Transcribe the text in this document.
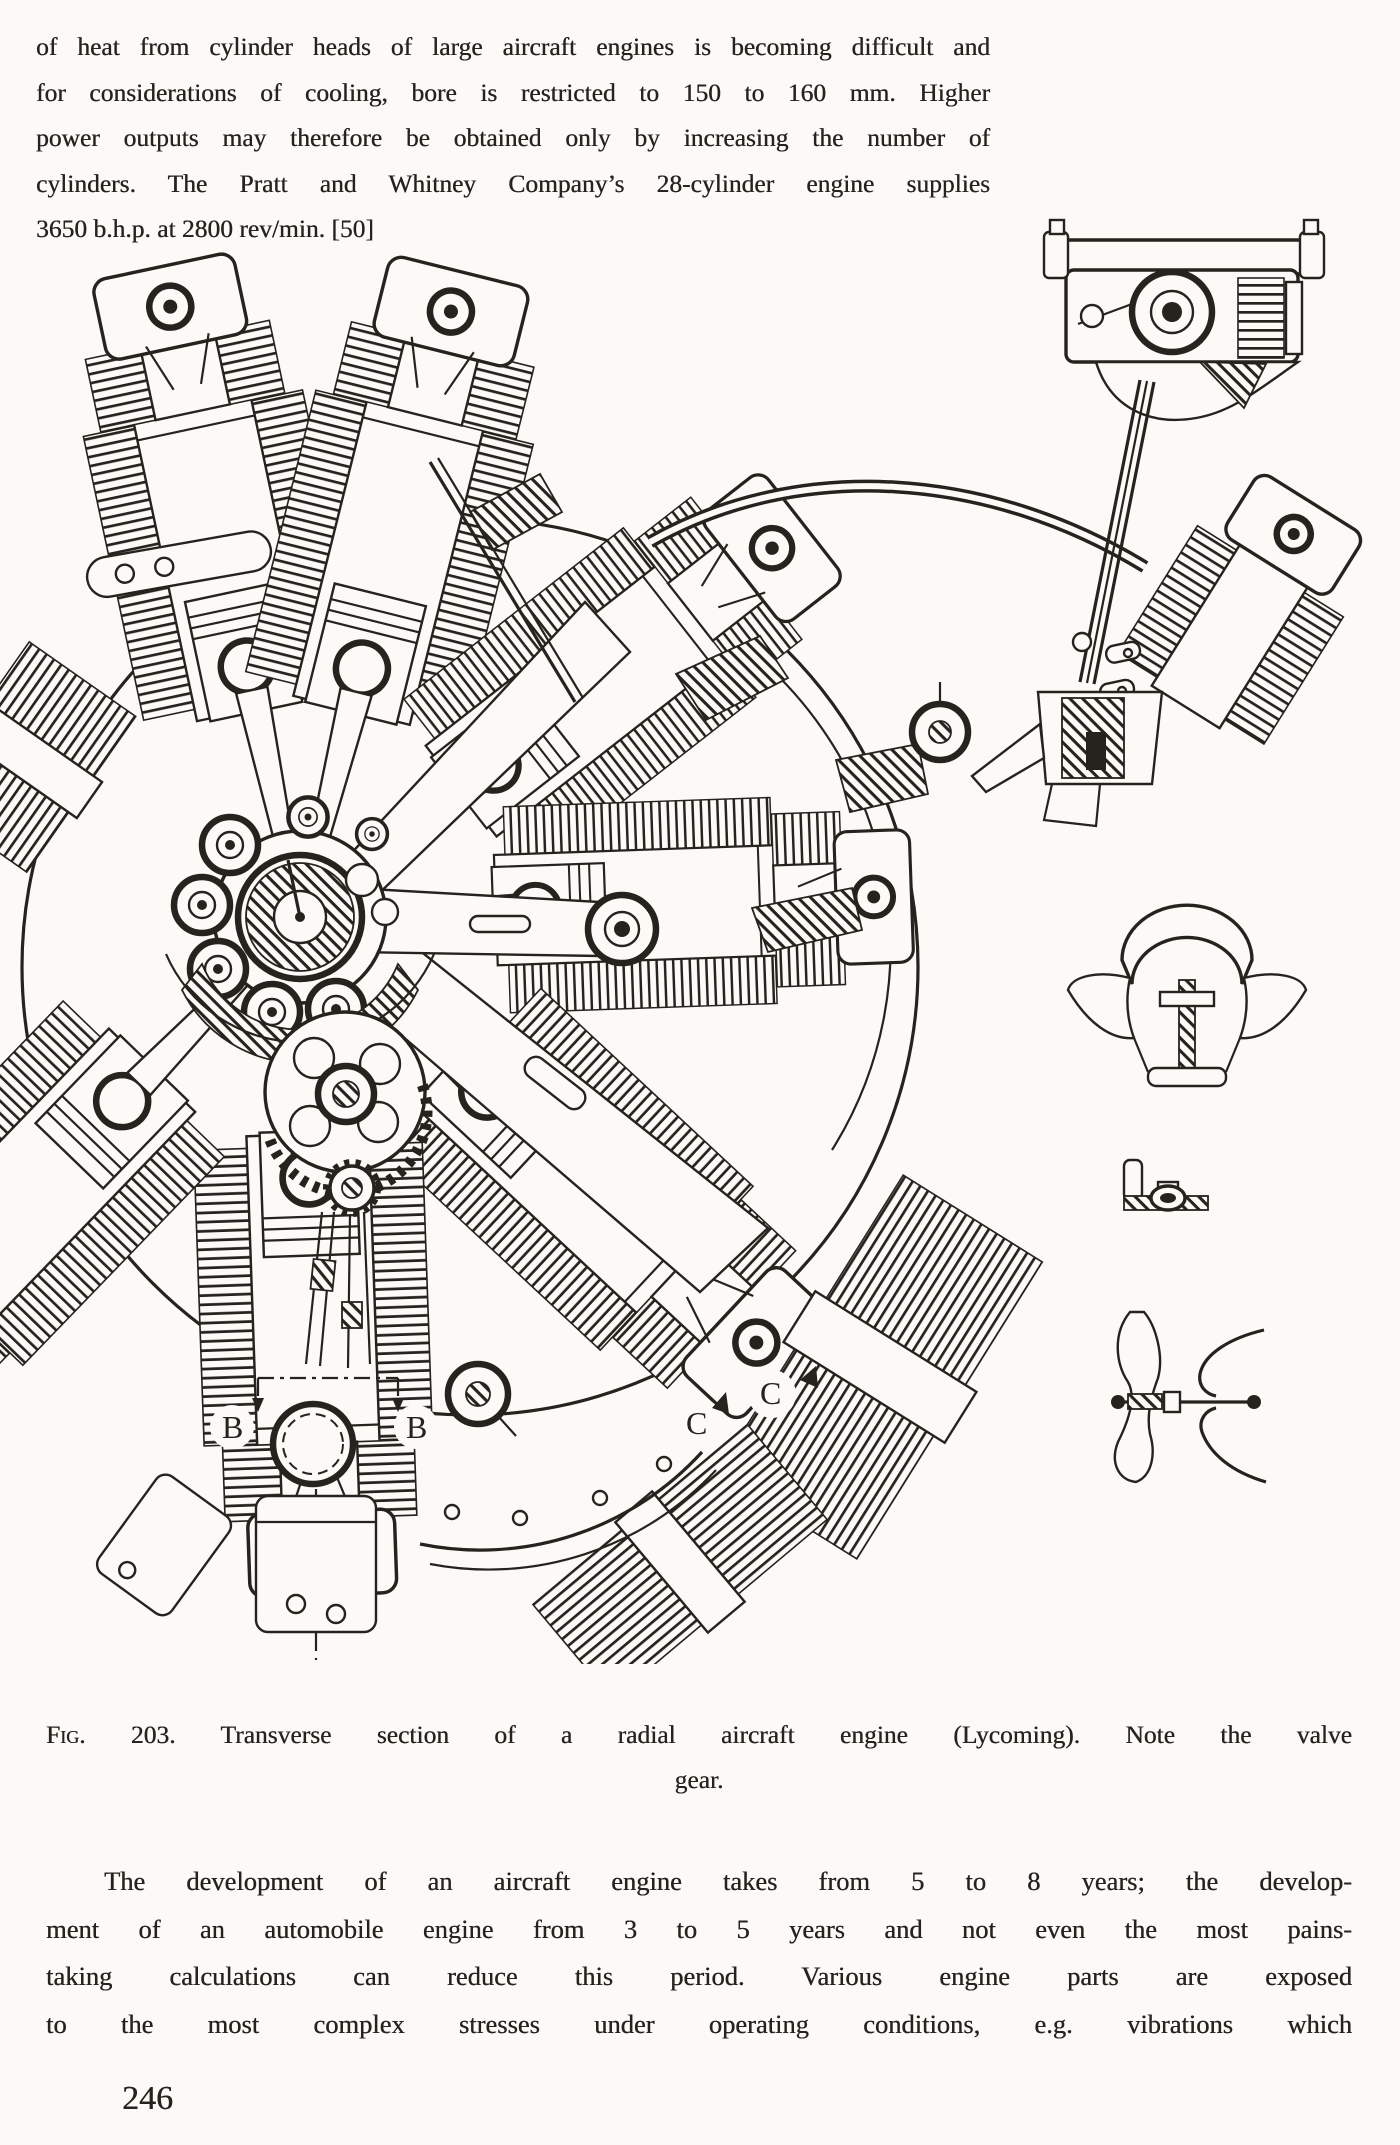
of heat from cylinder heads of large aircraft engines is becoming difficult and
for considerations of cooling, bore is restricted to 150 to 160 mm. Higher
power outputs may therefore be obtained only by increasing the number of
cylinders. The Pratt and Whitney Company’s 28-cylinder engine supplies
3650 b.h.p. at 2800 rev/min. [50]
B	B	C
C
Fig. 203. Transverse section of a radial aircraft engine (Lycoming). Note the valve
gear.
The development of an aircraft engine takes from 5 to 8 years; the develop-
ment of an automobile engine from 3 to 5 years and not even the most pains-
taking calculations can reduce this period. Various engine parts are exposed
to the most complex stresses under operating conditions, e.g. vibrations which
246
